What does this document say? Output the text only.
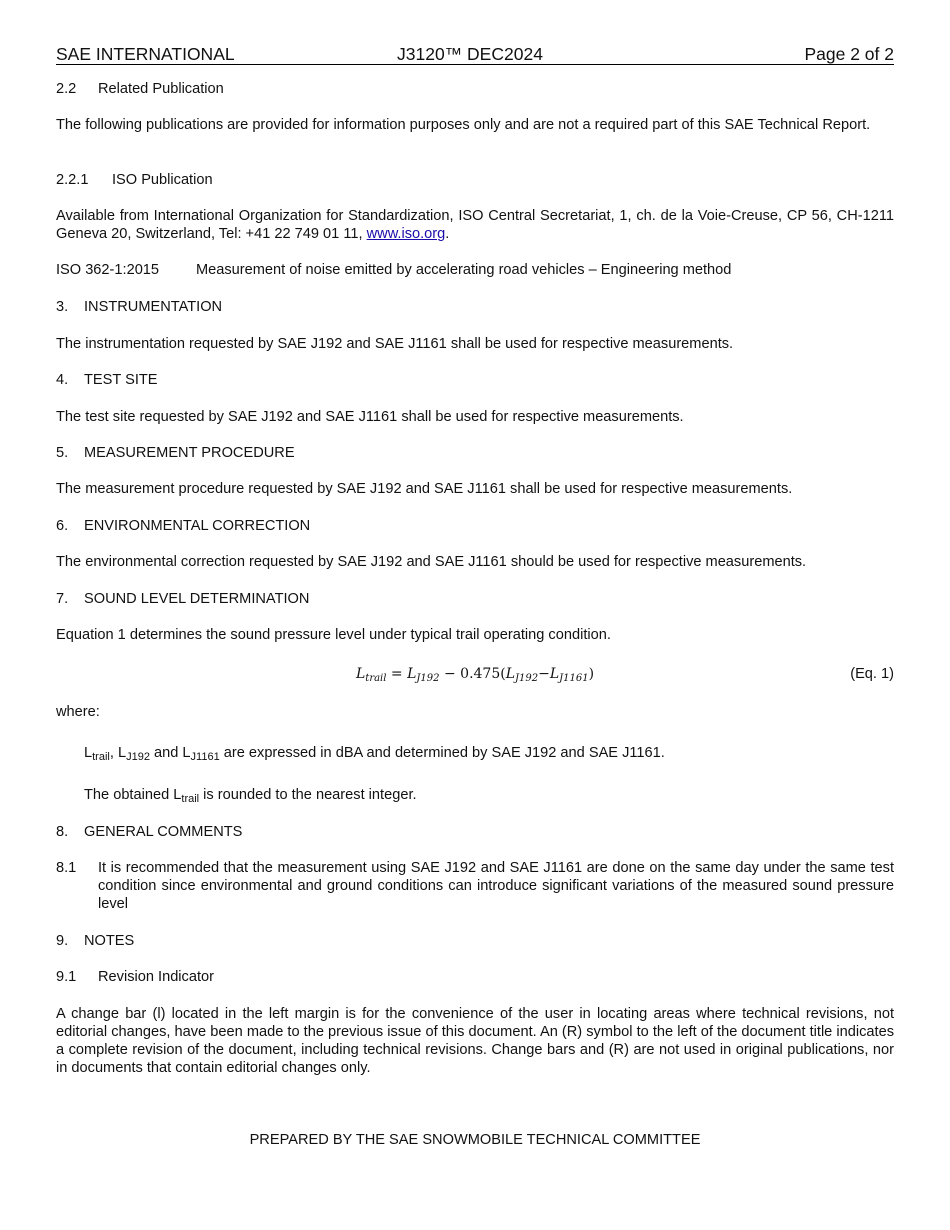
SAE INTERNATIONAL	J3120™ DEC2024	Page 2 of 2
2.2 Related Publication
The following publications are provided for information purposes only and are not a required part of this SAE Technical Report.
2.2.1 ISO Publication
Available from International Organization for Standardization, ISO Central Secretariat, 1, ch. de la Voie-Creuse, CP 56, CH-1211 Geneva 20, Switzerland, Tel: +41 22 749 01 11, www.iso.org.
ISO 362-1:2015	Measurement of noise emitted by accelerating road vehicles – Engineering method
3. INSTRUMENTATION
The instrumentation requested by SAE J192 and SAE J1161 shall be used for respective measurements.
4. TEST SITE
The test site requested by SAE J192 and SAE J1161 shall be used for respective measurements.
5. MEASUREMENT PROCEDURE
The measurement procedure requested by SAE J192 and SAE J1161 shall be used for respective measurements.
6. ENVIRONMENTAL CORRECTION
The environmental correction requested by SAE J192 and SAE J1161 should be used for respective measurements.
7. SOUND LEVEL DETERMINATION
Equation 1 determines the sound pressure level under typical trail operating condition.
$L_{trail} = L_{J192} - 0.475(L_{J192}-L_{J1161})$	(Eq. 1)
where:
$L_{trail}$, $L_{J192}$ and $L_{J1161}$ are expressed in dBA and determined by SAE J192 and SAE J1161.
The obtained $L_{trail}$ is rounded to the nearest integer.
8. GENERAL COMMENTS
8.1 It is recommended that the measurement using SAE J192 and SAE J1161 are done on the same day under the same test condition since environmental and ground conditions can introduce significant variations of the measured sound pressure level
9. NOTES
9.1 Revision Indicator
A change bar (l) located in the left margin is for the convenience of the user in locating areas where technical revisions, not editorial changes, have been made to the previous issue of this document. An (R) symbol to the left of the document title indicates a complete revision of the document, including technical revisions. Change bars and (R) are not used in original publications, nor in documents that contain editorial changes only.
PREPARED BY THE SAE SNOWMOBILE TECHNICAL COMMITTEE
